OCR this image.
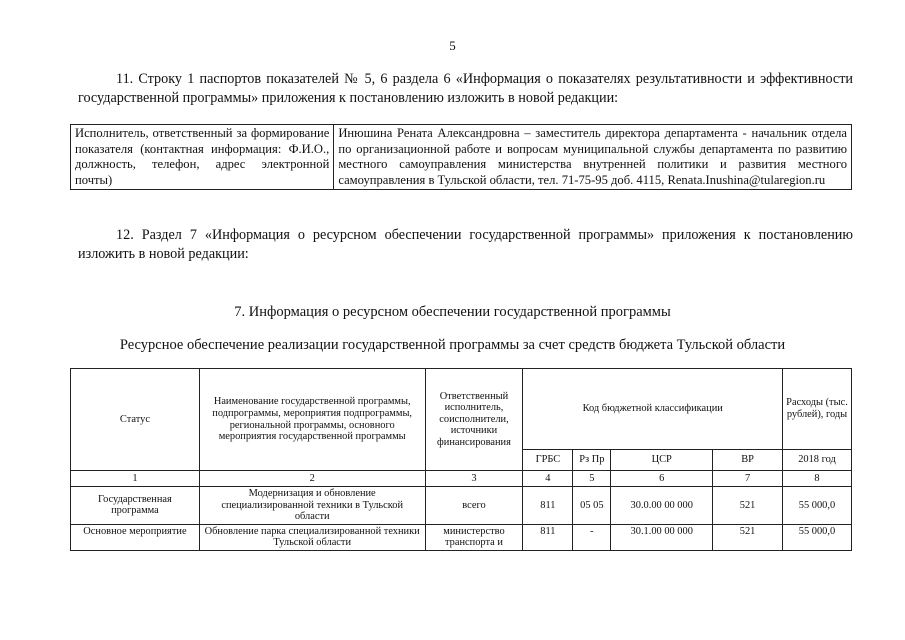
5
11. Строку 1 паспортов показателей № 5, 6 раздела 6 «Информация о показателях результативности и эффективности государственной программы» приложения к постановлению изложить в новой редакции:
Исполнитель, ответственный за формирование показателя (контактная информация: Ф.И.О., должность, телефон, адрес электронной почты)	Инюшина Рената Александровна – заместитель директора департамента - начальник отдела по организационной работе и вопросам муниципальной службы департамента по развитию местного самоуправления министерства внутренней политики и развития местного самоуправления в Тульской области, тел. 71-75-95 доб. 4115, Renata.Inushina@tularegion.ru
12. Раздел 7 «Информация о ресурсном обеспечении государственной программы» приложения к постановлению изложить в новой редакции:
7. Информация о ресурсном обеспечении государственной программы
Ресурсное обеспечение реализации государственной программы за счет средств бюджета Тульской области
Статус	Наименование государственной программы, подпрограммы, мероприятия подпрограммы, региональной программы, основного мероприятия государственной программы	Ответственный исполнитель, соисполнители, источники финансирования	Код бюджетной классификации				Расходы (тыс. рублей), годы
			ГРБС	Рз Пр	ЦСР	ВР	2018 год
1	2	3	4	5	6	7	8
Государственная программа	Модернизация и обновление специализированной техники в Тульской области	всего	811	05 05	30.0.00 00 000	521	55 000,0
Основное мероприятие	Обновление парка специализированной техники Тульской области	министерство транспорта и	811	-	30.1.00 00 000	521	55 000,0
